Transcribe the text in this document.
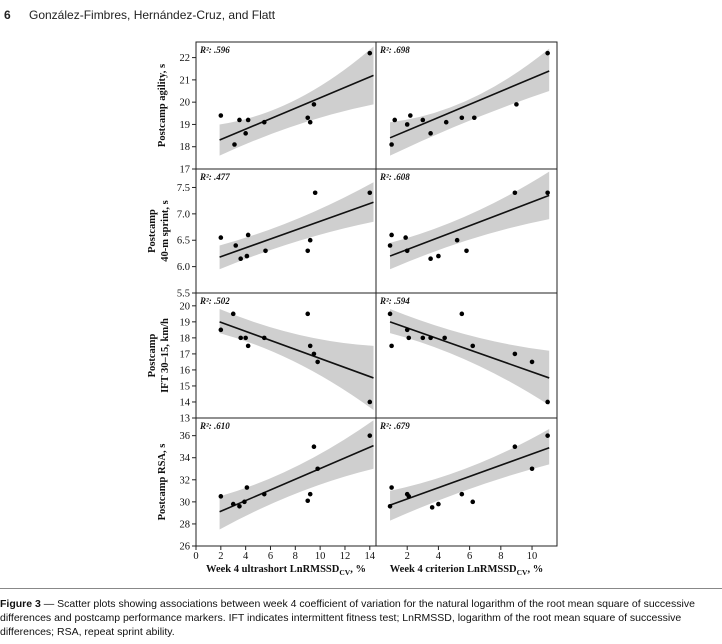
6 González-Fimbres, Hernández-Cruz, and Flatt
R²: .596	R²: .698
R²: .477	R²: .608
R²: .502	R²: .594
R²: .610	R²: .679
17
18
19
20
21
22
Postcamp agility, s
5.5
6.0
6.5
7.0
7.5
Postcamp 40-m sprint, s
13
14
15
16
17
18
19
20
Postcamp IFT 30–15, km/h
26
28
30
32
34
36
Postcamp RSA, s
0 2 4 6 8 10 12 14
Week 4 ultrashort LnRMSSD$_{CV}$, %
2 4 6 8 10
Week 4 criterion LnRMSSD$_{CV}$, %
Figure 3 — Scatter plots showing associations between week 4 coefficient of variation for the natural logarithm of the root mean square of successive differences and postcamp performance markers. IFT indicates intermittent fitness test; LnRMSSD, logarithm of the root mean square of successive differences; RSA, repeat sprint ability.
